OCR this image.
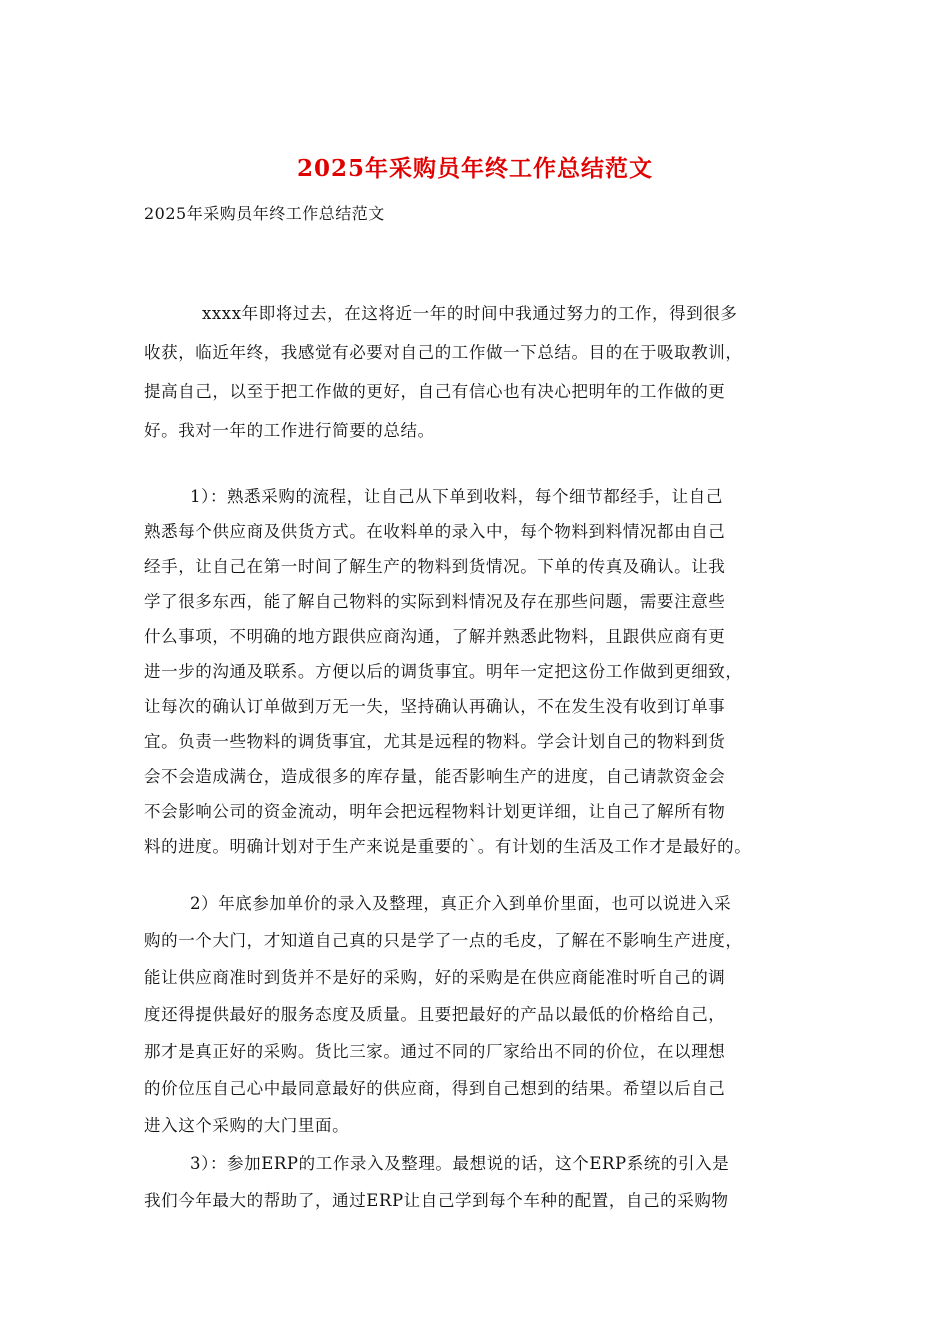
2025年采购员年终工作总结范文
2025年采购员年终工作总结范文
xxxx年即将过去，在这将近一年的时间中我通过努力的工作，得到很多
收获，临近年终，我感觉有必要对自己的工作做一下总结。目的在于吸取教训，
提高自己，以至于把工作做的更好，自己有信心也有决心把明年的工作做的更
好。我对一年的工作进行简要的总结。
1）：熟悉采购的流程，让自己从下单到收料，每个细节都经手，让自己
熟悉每个供应商及供货方式。在收料单的录入中，每个物料到料情况都由自己
经手，让自己在第一时间了解生产的物料到货情况。下单的传真及确认。让我
学了很多东西，能了解自己物料的实际到料情况及存在那些问题，需要注意些
什么事项，不明确的地方跟供应商沟通，了解并熟悉此物料，且跟供应商有更
进一步的沟通及联系。方便以后的调货事宜。明年一定把这份工作做到更细致，
让每次的确认订单做到万无一失，坚持确认再确认，不在发生没有收到订单事
宜。负责一些物料的调货事宜，尤其是远程的物料。学会计划自己的物料到货
会不会造成满仓，造成很多的库存量，能否影响生产的进度，自己请款资金会
不会影响公司的资金流动，明年会把远程物料计划更详细，让自己了解所有物
料的进度。明确计划对于生产来说是重要的`。有计划的生活及工作才是最好的。
2）年底参加单价的录入及整理，真正介入到单价里面，也可以说进入采
购的一个大门，才知道自己真的只是学了一点的毛皮，了解在不影响生产进度，
能让供应商准时到货并不是好的采购，好的采购是在供应商能准时听自己的调
度还得提供最好的服务态度及质量。且要把最好的产品以最低的价格给自己，
那才是真正好的采购。货比三家。通过不同的厂家给出不同的价位，在以理想
的价位压自己心中最同意最好的供应商，得到自己想到的结果。希望以后自己
进入这个采购的大门里面。
3）：参加ERP的工作录入及整理。最想说的话，这个ERP系统的引入是
我们今年最大的帮助了，通过ERP让自己学到每个车种的配置，自己的采购物
